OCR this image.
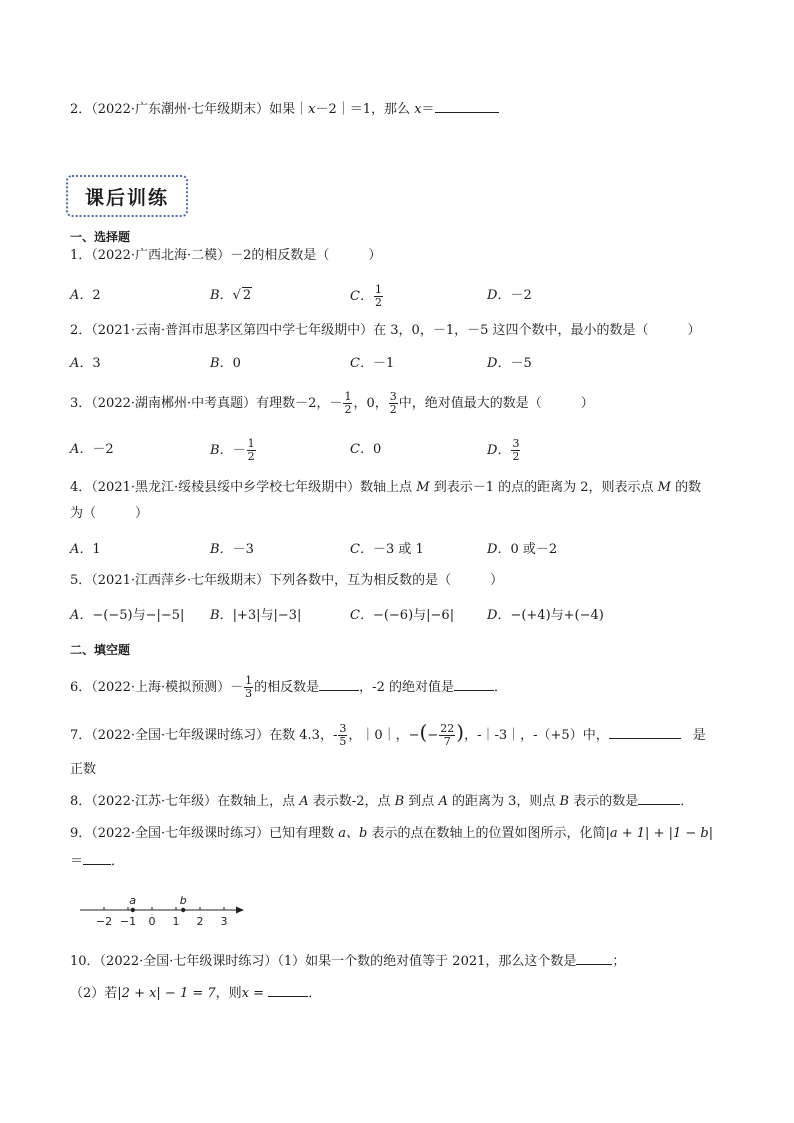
2．（2022·广东潮州·七年级期末）如果｜x－2｜＝1，那么 x＝
课后训练
一、选择题
1．（2022·广西北海·二模）－2的相反数是（　　　）
A．2	B．√ 2	C． $\frac{1}{2}$	D．－2
2．（2021·云南·普洱市思茅区第四中学七年级期中）在 3，0，－1，－5 这四个数中，最小的数是（　　　）
A．3	B．0	C．－1	D．－5
3．（2022·湖南郴州·中考真题）有理数－2，－ $\frac{1}{2}$ ，0， $\frac{3}{2}$ 中，绝对值最大的数是（　　　）
A．－2	B．－ $\frac{1}{2}$	C．0	D． $\frac{3}{2}$
4．（2021·黑龙江·绥棱县绥中乡学校七年级期中）数轴上点 M 到表示－1 的点的距离为 2，则表示点 M 的数
为（　　　）
A．1	B．－3	C．－3 或 1	D．0 或－2
5．（2021·江西萍乡·七年级期末）下列各数中，互为相反数的是（　　　）
A．−(−5)与−|−5| B．|+3|与|−3|	C．−(−6)与|−6|	D．−(+4)与+(−4)
二、填空题
6．（2022·上海·模拟预测）－ $\frac{1}{3}$ 的相反数是	，-2 的绝对值是	．
7．（2022·全国·七年级课时练习）在数 4.3，- $\frac{3}{5}$ ，｜0｜，−(− $\frac{22}{7}$ )，-｜-3｜，-（+5）中，	是
正数
8．（2022·江苏·七年级）在数轴上，点 A 表示数-2，点 B 到点 A 的距离为 3，则点 B 表示的数是	．
9．（2022·全国·七年级课时练习）已知有理数 a、b 表示的点在数轴上的位置如图所示，化简|a + 1| + |1 − b|
＝ ．
−2 −1 0 1 2 3
a	b
10．（2022·全国·七年级课时练习）（1）如果一个数的绝对值等于 2021，那么这个数是	；
（2）若|2 + x| − 1 = 7，则x =	．
